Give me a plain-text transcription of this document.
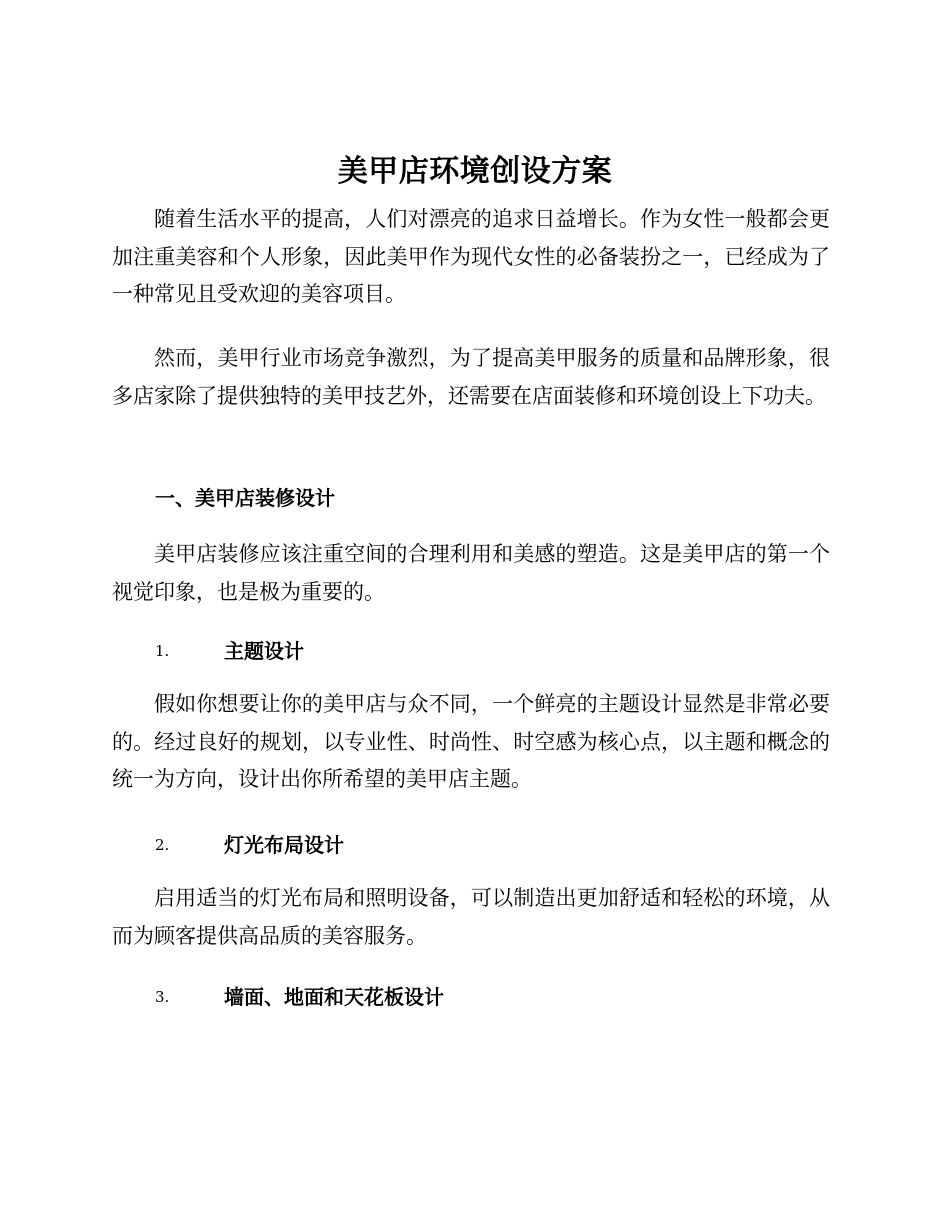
美甲店环境创设方案

随着生活水平的提高，人们对漂亮的追求日益增长。作为女性一般都会更加注重美容和个人形象，因此美甲作为现代女性的必备装扮之一，已经成为了一种常见且受欢迎的美容项目。

然而，美甲行业市场竞争激烈，为了提高美甲服务的质量和品牌形象，很多店家除了提供独特的美甲技艺外，还需要在店面装修和环境创设上下功夫。

一、美甲店装修设计

美甲店装修应该注重空间的合理利用和美感的塑造。这是美甲店的第一个视觉印象，也是极为重要的。

1.	主题设计

假如你想要让你的美甲店与众不同，一个鲜亮的主题设计显然是非常必要的。经过良好的规划，以专业性、时尚性、时空感为核心点，以主题和概念的统一为方向，设计出你所希望的美甲店主题。

2.	灯光布局设计

启用适当的灯光布局和照明设备，可以制造出更加舒适和轻松的环境，从而为顾客提供高品质的美容服务。

3.	墙面、地面和天花板设计
